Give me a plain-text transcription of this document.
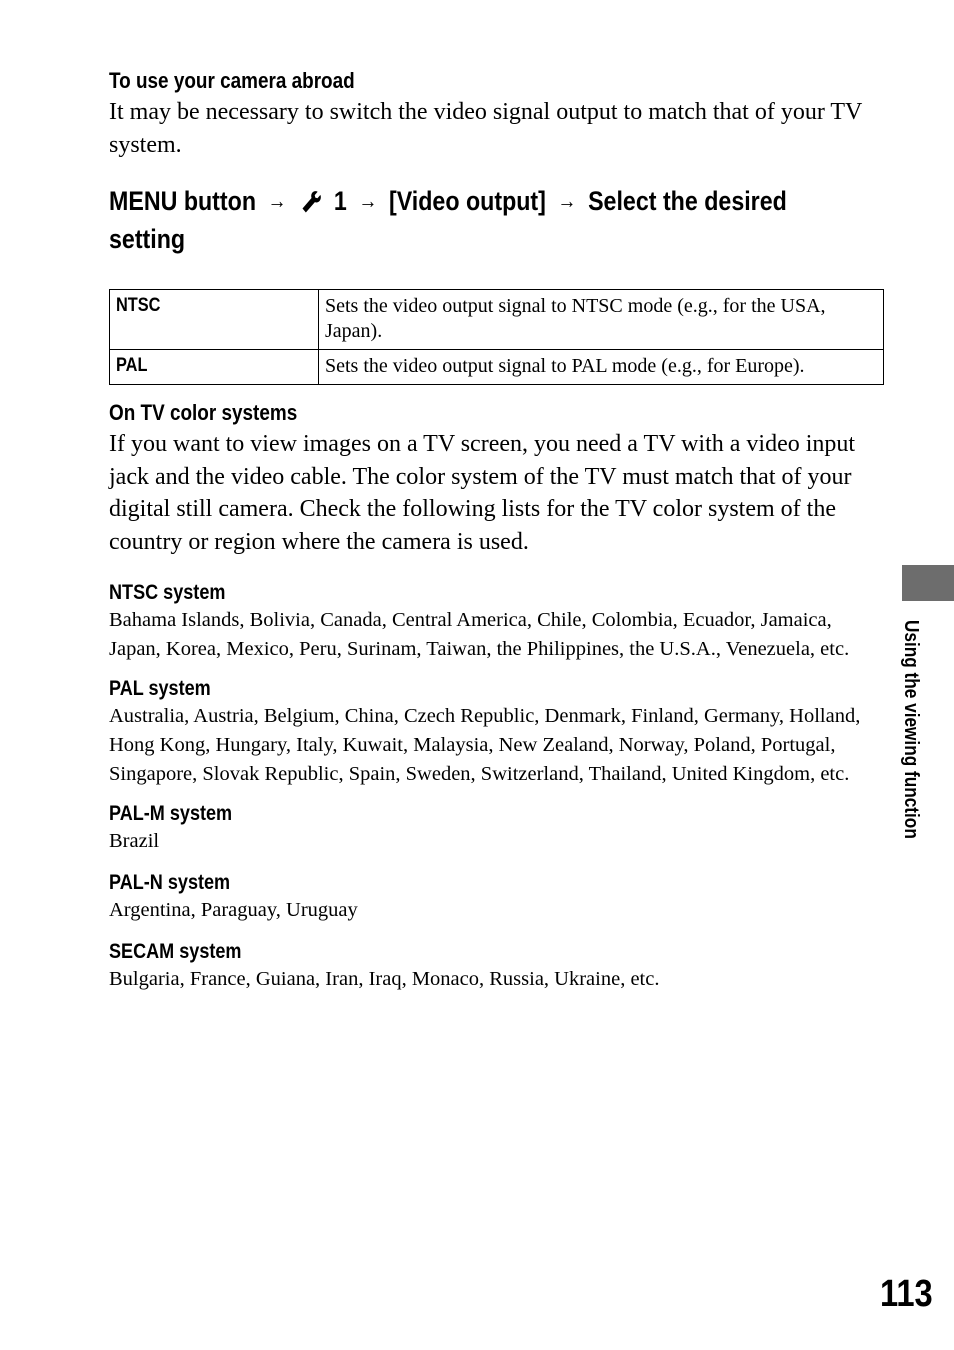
To use your camera abroad

It may be necessary to switch the video signal output to match that of your TV system.

MENU button → 1 → [Video output] → Select the desired setting
NTSC	Sets the video output signal to NTSC mode (e.g., for the USA, Japan).
PAL	Sets the video output signal to PAL mode (e.g., for Europe).
On TV color systems

If you want to view images on a TV screen, you need a TV with a video input jack and the video cable. The color system of the TV must match that of your digital still camera. Check the following lists for the TV color system of the country or region where the camera is used.

NTSC system

Bahama Islands, Bolivia, Canada, Central America, Chile, Colombia, Ecuador, Jamaica, Japan, Korea, Mexico, Peru, Surinam, Taiwan, the Philippines, the U.S.A., Venezuela, etc.

PAL system

Australia, Austria, Belgium, China, Czech Republic, Denmark, Finland, Germany, Holland, Hong Kong, Hungary, Italy, Kuwait, Malaysia, New Zealand, Norway, Poland, Portugal, Singapore, Slovak Republic, Spain, Sweden, Switzerland, Thailand, United Kingdom, etc.

PAL-M system

Brazil

PAL-N system

Argentina, Paraguay, Uruguay

SECAM system

Bulgaria, France, Guiana, Iran, Iraq, Monaco, Russia, Ukraine, etc.

Using the viewing function
113
